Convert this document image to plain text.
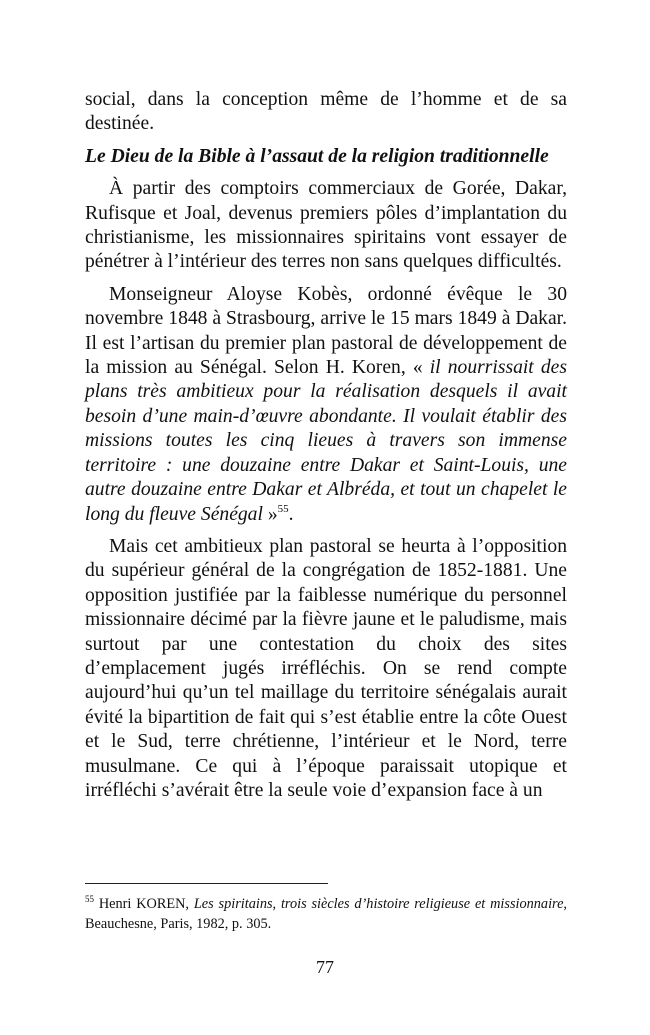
social, dans la conception même de l’homme et de sa destinée.

Le Dieu de la Bible à l’assaut de la religion traditionnelle

À partir des comptoirs commerciaux de Gorée, Dakar, Rufisque et Joal, devenus premiers pôles d’implantation du christianisme, les missionnaires spiritains vont essayer de pénétrer à l’intérieur des terres non sans quelques difficultés.

Monseigneur Aloyse Kobès, ordonné évêque le 30 novembre 1848 à Strasbourg, arrive le 15 mars 1849 à Dakar. Il est l’artisan du premier plan pastoral de développement de la mission au Sénégal. Selon H. Koren, « il nourrissait des plans très ambitieux pour la réalisation desquels il avait besoin d’une main-d’œuvre abondante. Il voulait établir des missions toutes les cinq lieues à travers son immense territoire : une douzaine entre Dakar et Saint-Louis, une autre douzaine entre Dakar et Albréda, et tout un chapelet le long du fleuve Sénégal »$^{55}$.

Mais cet ambitieux plan pastoral se heurta à l’opposition du supérieur général de la congrégation de 1852-1881. Une opposition justifiée par la faiblesse numérique du personnel missionnaire décimé par la fièvre jaune et le paludisme, mais surtout par une contestation du choix des sites d’emplacement jugés irréfléchis. On se rend compte aujourd’hui qu’un tel maillage du territoire sénégalais aurait évité la bipartition de fait qui s’est établie entre la côte Ouest et le Sud, terre chrétienne, l’intérieur et le Nord, terre musulmane. Ce qui à l’époque paraissait utopique et irréfléchi s’avérait être la seule voie d’expansion face à un

$^{55}$ Henri KOREN, Les spiritains, trois siècles d’histoire religieuse et missionnaire, Beauchesne, Paris, 1982, p. 305.
77
